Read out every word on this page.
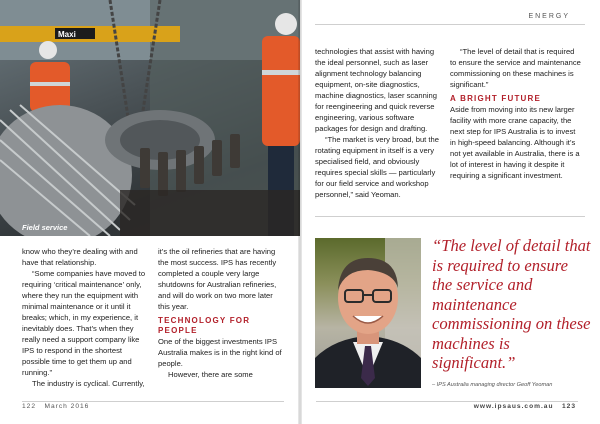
Maxi
Field service

know who they’re dealing with and have that relationship.

“Some companies have moved to requiring ‘critical maintenance’ only, where they run the equipment with minimal maintenance or it until it breaks; which, in my experience, it inevitably does. That’s when they really need a support company like IPS to respond in the shortest possible time to get them up and running.”

The industry is cyclical. Currently,

it’s the oil refineries that are having the most success. IPS has recently completed a couple very large shutdowns for Australian refineries, and will do work on two more later this year.

TECHNOLOGY FOR PEOPLE

One of the biggest investments IPS Australia makes is in the right kind of people.

However, there are some

122 March 2016
ENERGY

technologies that assist with having the ideal personnel, such as laser alignment technology balancing equipment, on-site diagnostics, machine diagnostics, laser scanning for reengineering and quick reverse engineering, various software packages for design and drafting.

“The market is very broad, but the rotating equipment in itself is a very specialised field, and obviously requires special skills — particularly for our field service and workshop personnel,” said Yeoman.

“The level of detail that is required to ensure the service and maintenance commissioning on these machines is significant.”

A BRIGHT FUTURE

Aside from moving into its new larger facility with more crane capacity, the next step for IPS Australia is to invest in high-speed balancing. Although it’s not yet available in Australia, there is a lot of interest in having it despite it requiring a significant investment.

“The level of detail that is required to ensure the service and maintenance commissioning on these machines is significant.”
– IPS Australia managing director Geoff Yeoman
www.ipsaus.com.au 123
